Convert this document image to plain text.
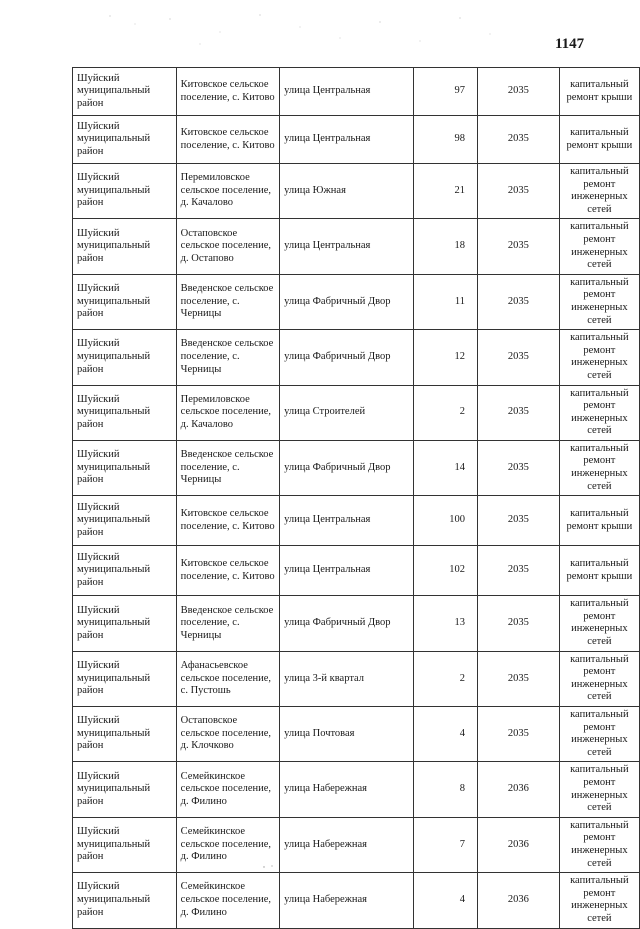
1147
Шуйский муниципальный район	Китовское сельское поселение, с. Китово	улица Центральная	97	2035	капитальный ремонт крыши
Шуйский муниципальный район	Китовское сельское поселение, с. Китово	улица Центральная	98	2035	капитальный ремонт крыши
Шуйский муниципальный район	Перемиловское сельское поселение, д. Качалово	улица Южная	21	2035	капитальный ремонт инженерных сетей
Шуйский муниципальный район	Остаповское сельское поселение, д. Остапово	улица Центральная	18	2035	капитальный ремонт инженерных сетей
Шуйский муниципальный район	Введенское сельское поселение, с. Черницы	улица Фабричный Двор	11	2035	капитальный ремонт инженерных сетей
Шуйский муниципальный район	Введенское сельское поселение, с. Черницы	улица Фабричный Двор	12	2035	капитальный ремонт инженерных сетей
Шуйский муниципальный район	Перемиловское сельское поселение, д. Качалово	улица Строителей	2	2035	капитальный ремонт инженерных сетей
Шуйский муниципальный район	Введенское сельское поселение, с. Черницы	улица Фабричный Двор	14	2035	капитальный ремонт инженерных сетей
Шуйский муниципальный район	Китовское сельское поселение, с. Китово	улица Центральная	100	2035	капитальный ремонт крыши
Шуйский муниципальный район	Китовское сельское поселение, с. Китово	улица Центральная	102	2035	капитальный ремонт крыши
Шуйский муниципальный район	Введенское сельское поселение, с. Черницы	улица Фабричный Двор	13	2035	капитальный ремонт инженерных сетей
Шуйский муниципальный район	Афанасьевское сельское поселение, с. Пустошь	улица 3-й квартал	2	2035	капитальный ремонт инженерных сетей
Шуйский муниципальный район	Остаповское сельское поселение, д. Клочково	улица Почтовая	4	2035	капитальный ремонт инженерных сетей
Шуйский муниципальный район	Семейкинское сельское поселение, д. Филино	улица Набережная	8	2036	капитальный ремонт инженерных сетей
Шуйский муниципальный район	Семейкинское сельское поселение, д. Филино	улица Набережная	7	2036	капитальный ремонт инженерных сетей
Шуйский муниципальный район	Семейкинское сельское поселение, д. Филино	улица Набережная	4	2036	капитальный ремонт инженерных сетей
